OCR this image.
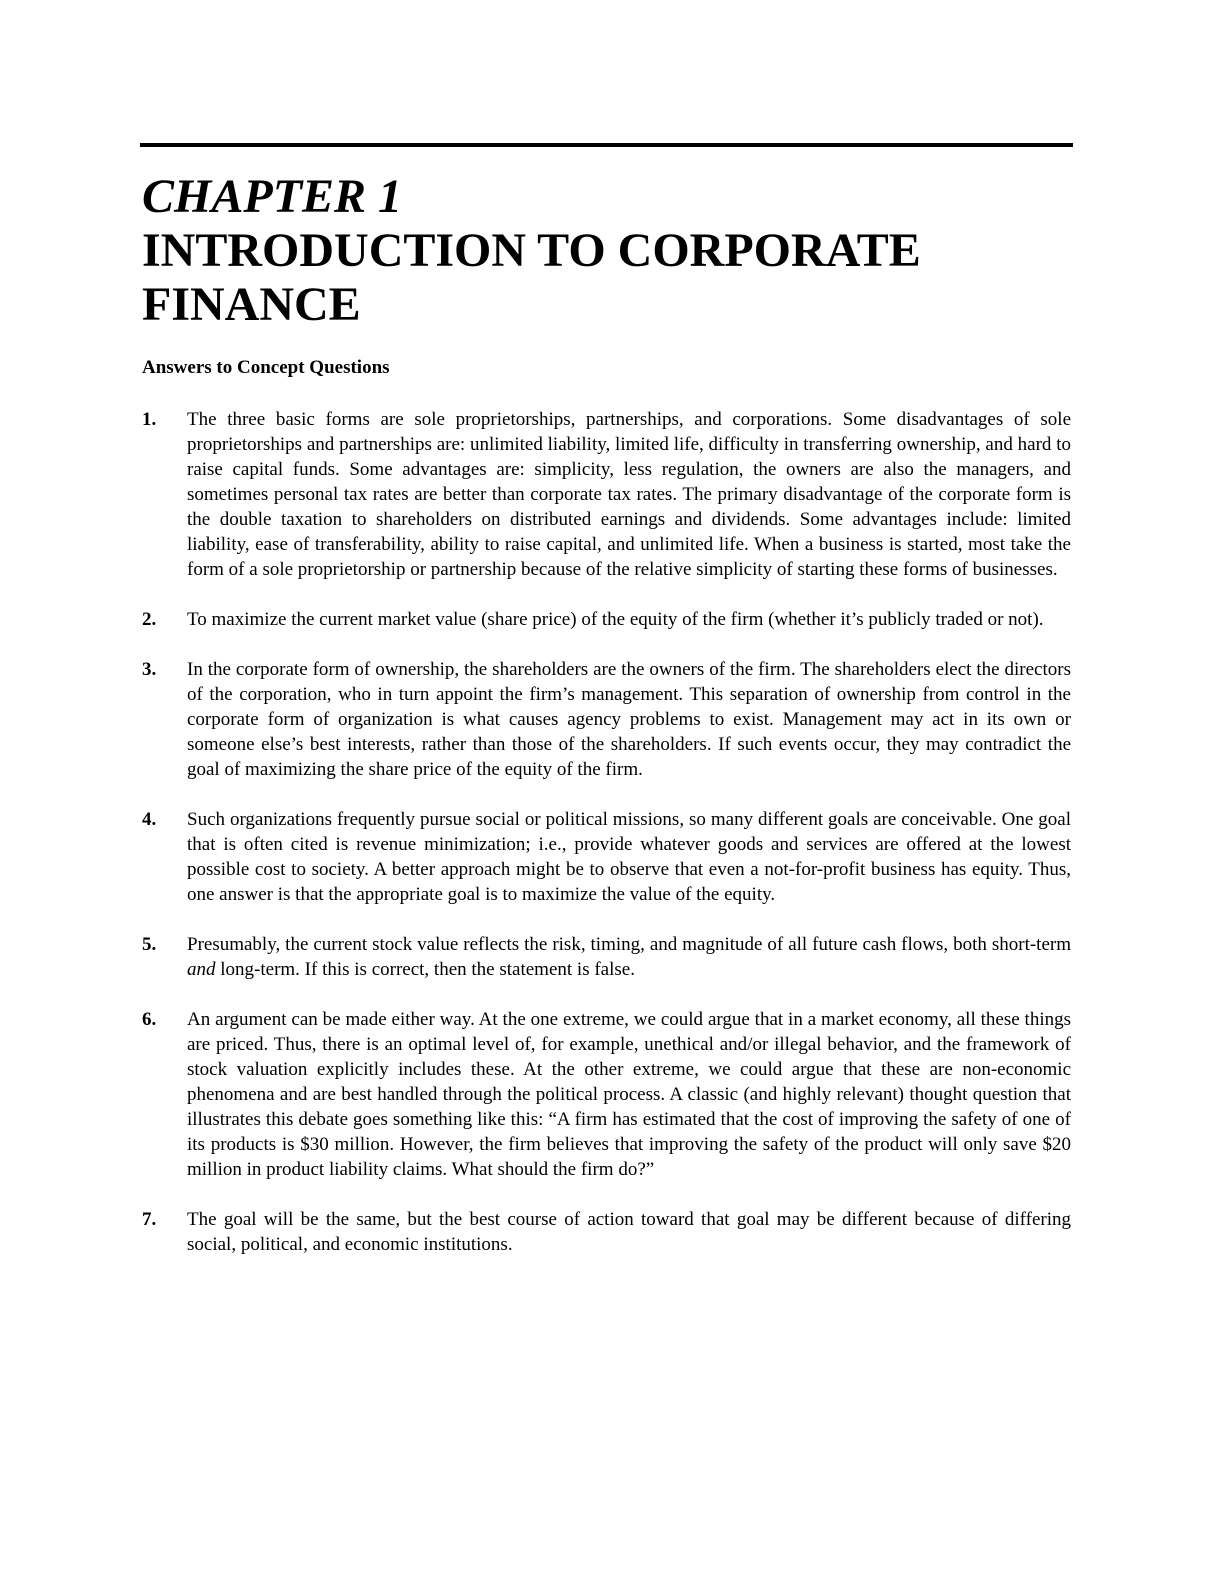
CHAPTER 1
INTRODUCTION TO CORPORATE
FINANCE
Answers to Concept Questions
1.	The three basic forms are sole proprietorships, partnerships, and corporations. Some disadvantages of sole proprietorships and partnerships are: unlimited liability, limited life, difficulty in transferring ownership, and hard to raise capital funds. Some advantages are: simplicity, less regulation, the owners are also the managers, and sometimes personal tax rates are better than corporate tax rates. The primary disadvantage of the corporate form is the double taxation to shareholders on distributed earnings and dividends. Some advantages include: limited liability, ease of transferability, ability to raise capital, and unlimited life. When a business is started, most take the form of a sole proprietorship or partnership because of the relative simplicity of starting these forms of businesses.
2.	To maximize the current market value (share price) of the equity of the firm (whether it’s publicly traded or not).
3.	In the corporate form of ownership, the shareholders are the owners of the firm. The shareholders elect the directors of the corporation, who in turn appoint the firm’s management. This separation of ownership from control in the corporate form of organization is what causes agency problems to exist. Management may act in its own or someone else’s best interests, rather than those of the shareholders. If such events occur, they may contradict the goal of maximizing the share price of the equity of the firm.
4.	Such organizations frequently pursue social or political missions, so many different goals are conceivable. One goal that is often cited is revenue minimization; i.e., provide whatever goods and services are offered at the lowest possible cost to society. A better approach might be to observe that even a not-for-profit business has equity. Thus, one answer is that the appropriate goal is to maximize the value of the equity.
5.	Presumably, the current stock value reflects the risk, timing, and magnitude of all future cash flows, both short-term and long-term. If this is correct, then the statement is false.
6.	An argument can be made either way. At the one extreme, we could argue that in a market economy, all these things are priced. Thus, there is an optimal level of, for example, unethical and/or illegal behavior, and the framework of stock valuation explicitly includes these. At the other extreme, we could argue that these are non-economic phenomena and are best handled through the political process. A classic (and highly relevant) thought question that illustrates this debate goes something like this: “A firm has estimated that the cost of improving the safety of one of its products is $30 million. However, the firm believes that improving the safety of the product will only save $20 million in product liability claims. What should the firm do?”
7.	The goal will be the same, but the best course of action toward that goal may be different because of differing social, political, and economic institutions.
